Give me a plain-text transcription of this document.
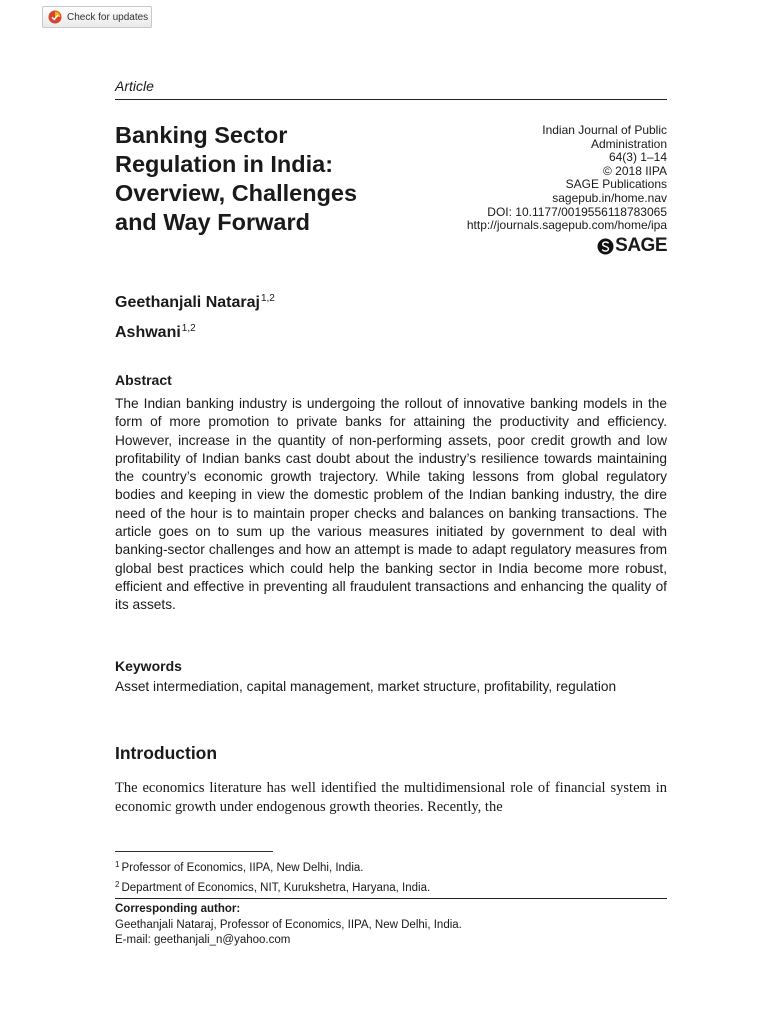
Check for updates
Article
Banking Sector
Regulation in India:
Overview, Challenges
and Way Forward
Indian Journal of Public
Administration
64(3) 1–14
© 2018 IIPA
SAGE Publications
sagepub.in/home.nav
DOI: 10.1177/0019556118783065
http://journals.sagepub.com/home/ipa
SAGE
Geethanjali Nataraj$^{1,2}$
Ashwani$^{1,2}$
Abstract

The Indian banking industry is undergoing the rollout of innovative banking models in the form of more promotion to private banks for attaining the productivity and efficiency. However, increase in the quantity of non-performing assets, poor credit growth and low profitability of Indian banks cast doubt about the industry’s resilience towards maintaining the country’s economic growth trajectory. While taking lessons from global regulatory bodies and keeping in view the domestic problem of the Indian banking industry, the dire need of the hour is to maintain proper checks and balances on banking transactions. The article goes on to sum up the various measures initiated by government to deal with banking-sector challenges and how an attempt is made to adapt regulatory measures from global best practices which could help the banking sector in India become more robust, efficient and effective in preventing all fraudulent transactions and enhancing the quality of its assets.

Keywords

Asset intermediation, capital management, market structure, profitability, regulation

Introduction

The economics literature has well identified the multidimensional role of financial system in economic growth under endogenous growth theories. Recently, the

$^1$ Professor of Economics, IIPA, New Delhi, India.
$^2$ Department of Economics, NIT, Kurukshetra, Haryana, India.
Corresponding author:
Geethanjali Nataraj, Professor of Economics, IIPA, New Delhi, India.
E-mail: geethanjali_n@yahoo.com
